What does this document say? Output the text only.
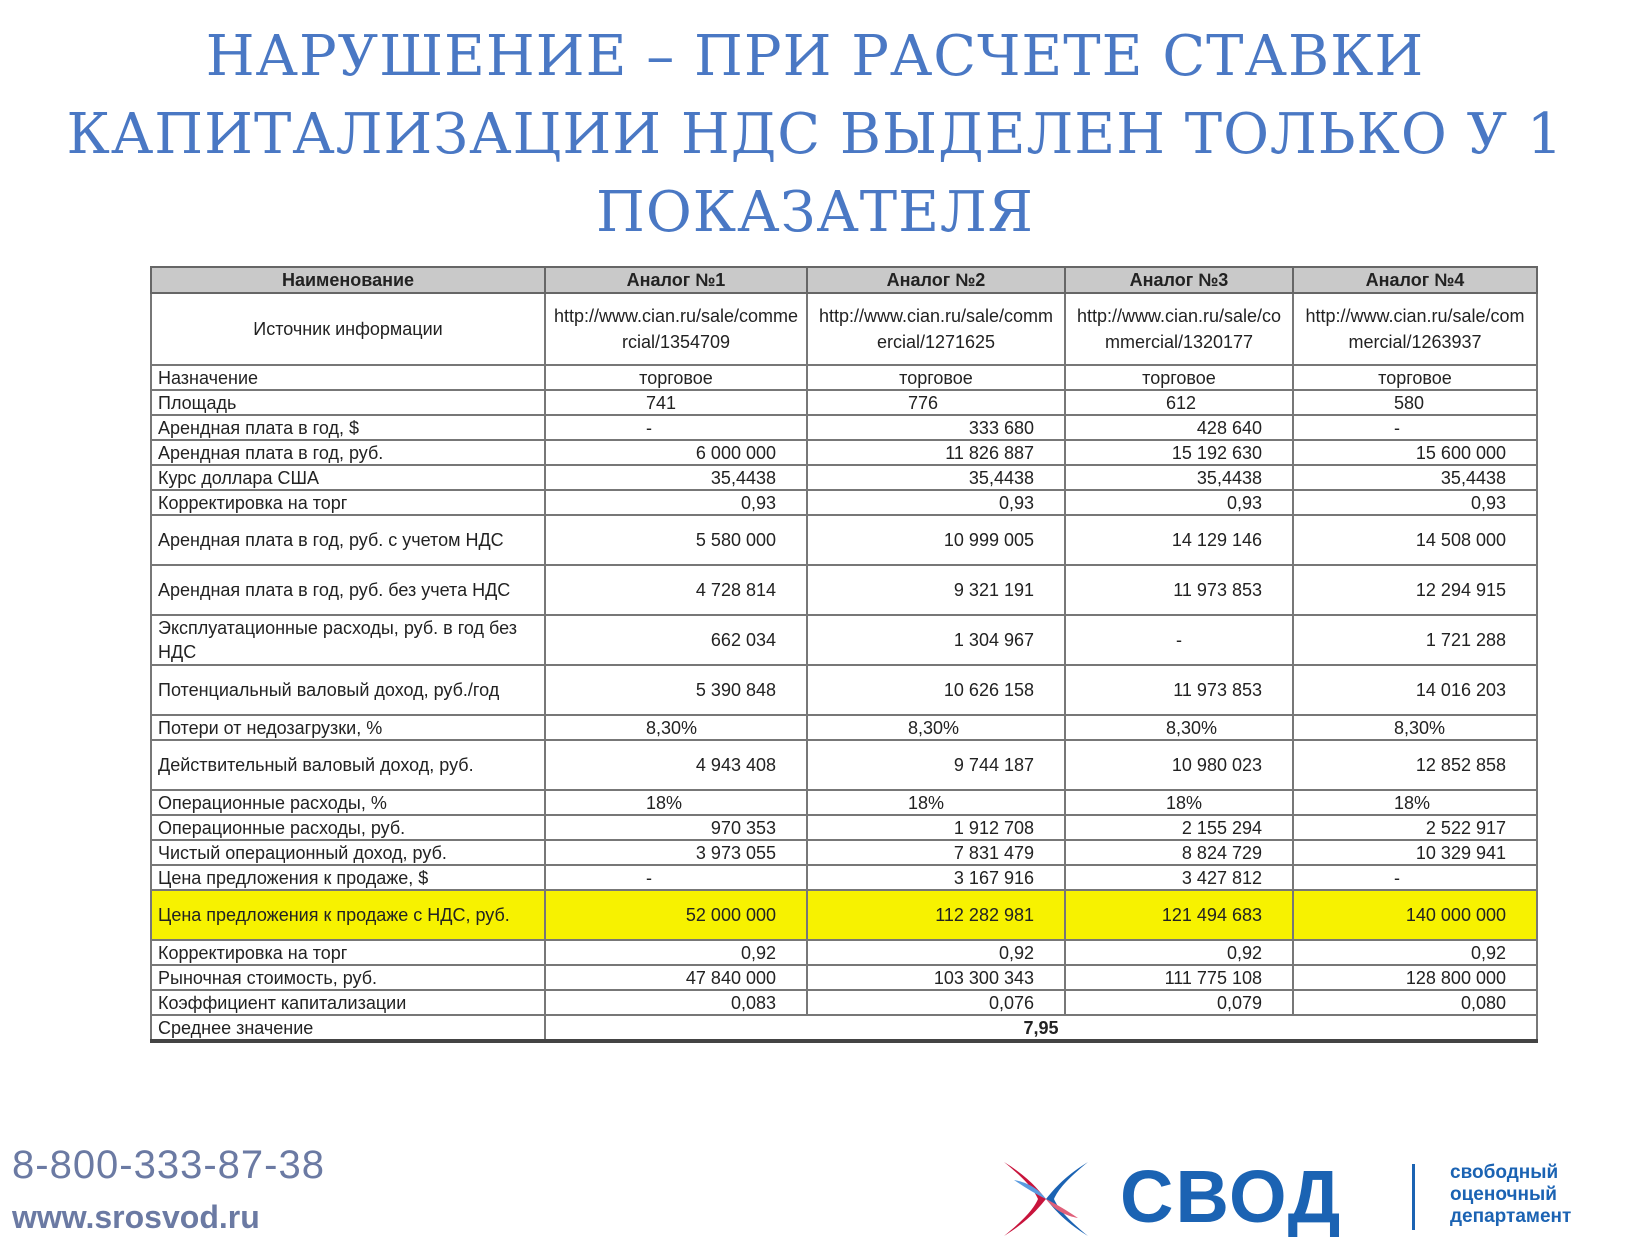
НАРУШЕНИЕ – ПРИ РАСЧЕТЕ СТАВКИ
КАПИТАЛИЗАЦИИ НДС ВЫДЕЛЕН ТОЛЬКО У 1
ПОКАЗАТЕЛЯ
Наименование	Аналог №1	Аналог №2	Аналог №3	Аналог №4
Источник информации	http://www.cian.ru/sale/commercial/1354709	http://www.cian.ru/sale/commercial/1271625	http://www.cian.ru/sale/commercial/1320177	http://www.cian.ru/sale/commercial/1263937
Назначение	торговое	торговое	торговое	торговое
Площадь	741	776	612	580
Арендная плата в год, $	-	333 680	428 640	-
Арендная плата в год, руб.	6 000 000	11 826 887	15 192 630	15 600 000
Курс доллара США	35,4438	35,4438	35,4438	35,4438
Корректировка на торг	0,93	0,93	0,93	0,93
Арендная плата в год, руб. с учетом НДС	5 580 000	10 999 005	14 129 146	14 508 000
Арендная плата в год, руб. без учета НДС	4 728 814	9 321 191	11 973 853	12 294 915
Эксплуатационные расходы, руб. в год без НДС	662 034	1 304 967	-	1 721 288
Потенциальный валовый доход, руб./год	5 390 848	10 626 158	11 973 853	14 016 203
Потери от недозагрузки, %	8,30%	8,30%	8,30%	8,30%
Действительный валовый доход, руб.	4 943 408	9 744 187	10 980 023	12 852 858
Операционные расходы, %	18%	18%	18%	18%
Операционные расходы, руб.	970 353	1 912 708	2 155 294	2 522 917
Чистый операционный доход, руб.	3 973 055	7 831 479	8 824 729	10 329 941
Цена предложения к продаже, $	-	3 167 916	3 427 812	-
Цена предложения к продаже с НДС, руб.	52 000 000	112 282 981	121 494 683	140 000 000
Корректировка на торг	0,92	0,92	0,92	0,92
Рыночная стоимость, руб.	47 840 000	103 300 343	111 775 108	128 800 000
Коэффициент капитализации	0,083	0,076	0,079	0,080
Среднее значение	7,95			
8-800-333-87-38
www.srosvod.ru	СВОД	свободный
оценочный
департамент
